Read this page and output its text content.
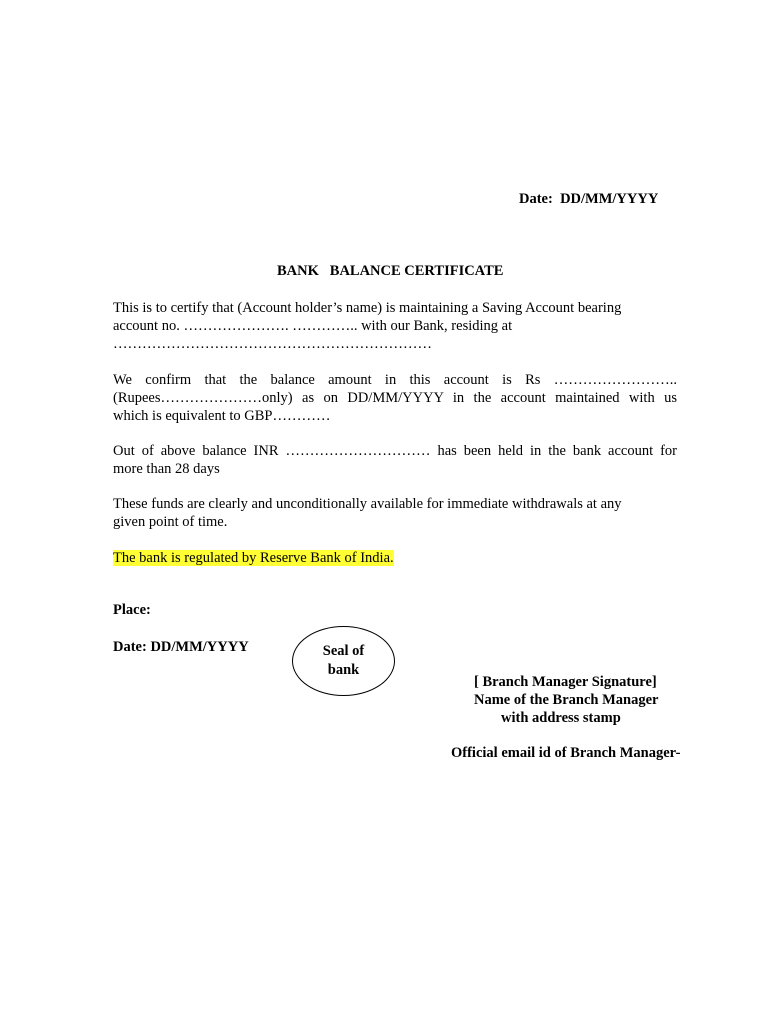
Date:  DD/MM/YYYY
BANK   BALANCE CERTIFICATE
This is to certify that (Account holder’s name) is maintaining a Saving Account bearing
account no. …………………. ………….. with our Bank, residing at
…………………………………………………………
We confirm that the balance amount in this account is Rs ……………………..
(Rupees…………………only) as on DD/MM/YYYY in the account maintained with us
which is equivalent to GBP…………
Out of above balance INR ………………………… has been held in the bank account for
more than 28 days
These funds are clearly and unconditionally available for immediate withdrawals at any
given point of time.
The bank is regulated by Reserve Bank of India.
Place:
Date: DD/MM/YYYY	Seal of
bank
[ Branch Manager Signature]
Name of the Branch Manager
with address stamp
Official email id of Branch Manager-
